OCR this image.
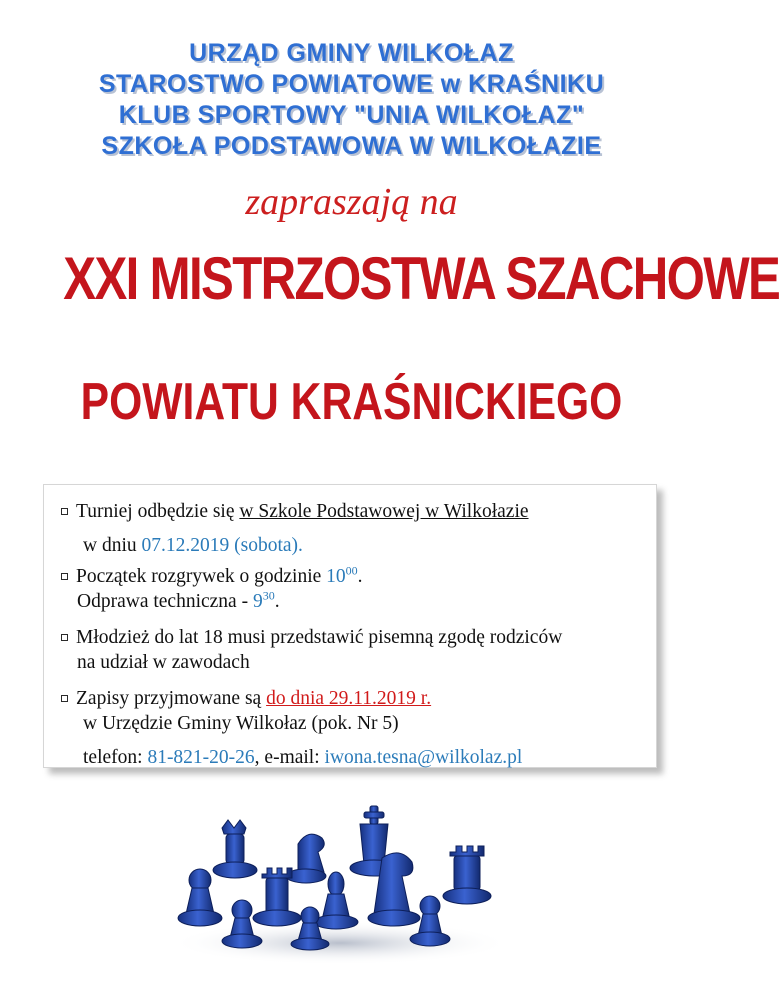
URZĄD GMINY WILKOŁAZ
STAROSTWO POWIATOWE w KRAŚNIKU
KLUB SPORTOWY "UNIA WILKOŁAZ"
SZKOŁA PODSTAWOWA W WILKOŁAZIE
zapraszają na
XXI MISTRZOSTWA SZACHOWE
POWIATU KRAŚNICKIEGO
Turniej odbędzie się w Szkole Podstawowej w Wilkołazie
w dniu 07.12.2019 (sobota).
Początek rozgrywek o godzinie $10^{00}$.
Odprawa techniczna - $9^{30}$.
Młodzież do lat 18 musi przedstawić pisemną zgodę rodziców
na udział w zawodach
Zapisy przyjmowane są do dnia 29.11.2019 r.
w Urzędzie Gminy Wilkołaz (pok. Nr 5)
telefon: 81-821-20-26, e-mail: iwona.tesna@wilkolaz.pl
